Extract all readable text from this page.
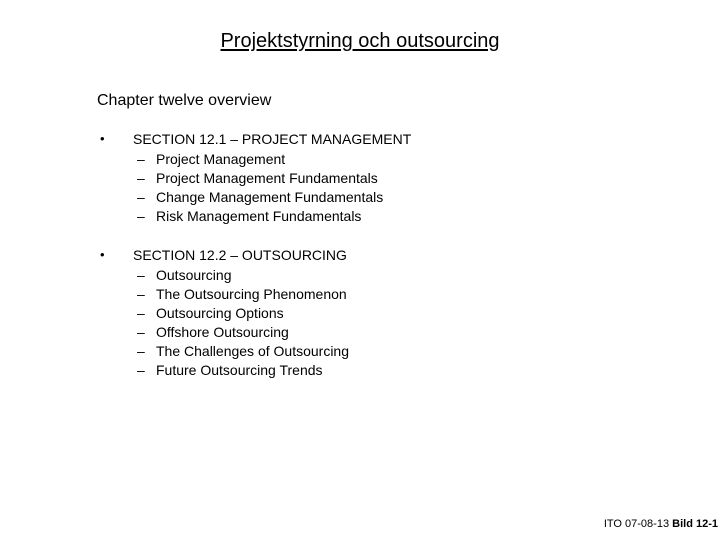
Projektstyrning och outsourcing
Chapter twelve overview
• SECTION 12.1 – PROJECT MANAGEMENT
– Project Management
– Project Management Fundamentals
– Change Management Fundamentals
– Risk Management Fundamentals
• SECTION 12.2 – OUTSOURCING
– Outsourcing
– The Outsourcing Phenomenon
– Outsourcing Options
– Offshore Outsourcing
– The Challenges of Outsourcing
– Future Outsourcing Trends
ITO 07-08-13 Bild 12-1
